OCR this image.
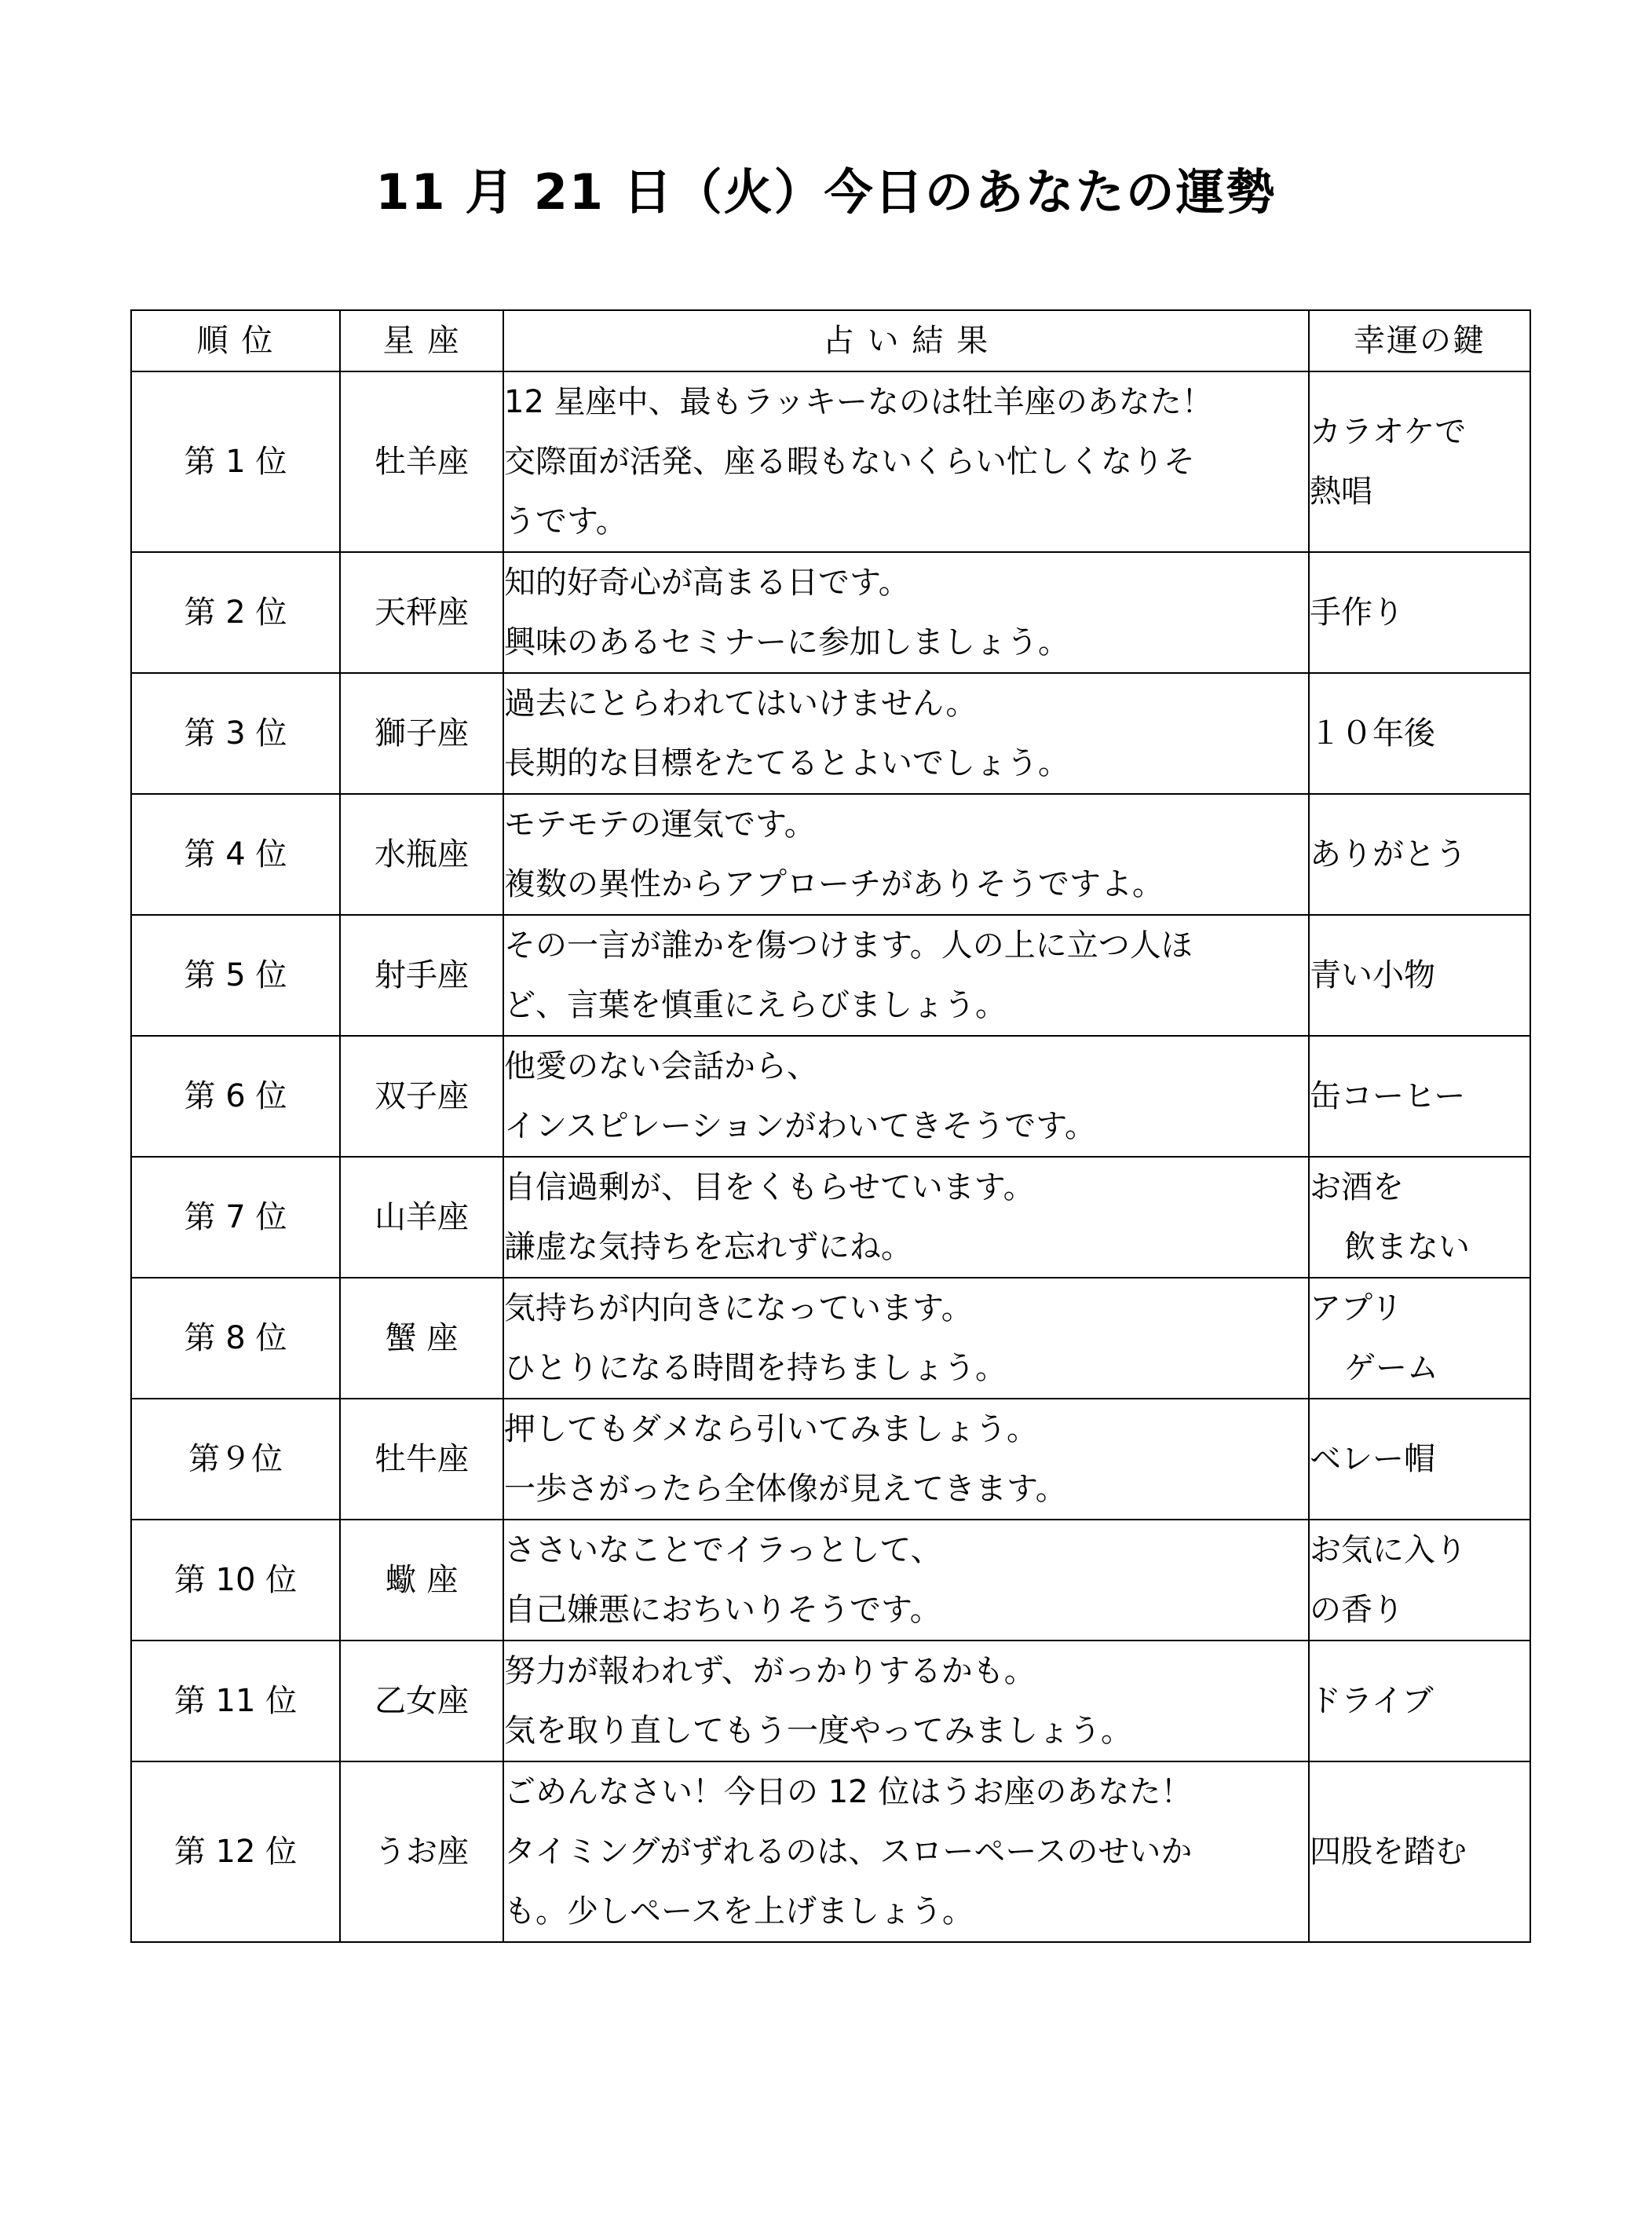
11 月 21 日（火）今日のあなたの運勢
順 位	星 座	占 い 結 果	幸運の鍵
第 1 位	牡羊座	12 星座中、最もラッキーなのは牡羊座のあなた！
交際面が活発、座る暇もないくらい忙しくなりそ
うです。	カラオケで
熱唱

第 2 位	天秤座	知的好奇心が高まる日です。
興味のあるセミナーに参加しましょう。	手作り

第 3 位	獅子座	過去にとらわれてはいけません。
長期的な目標をたてるとよいでしょう。	１０年後

第 4 位	水瓶座	モテモテの運気です。
複数の異性からアプローチがありそうですよ。	ありがとう

第 5 位	射手座	その一言が誰かを傷つけます。人の上に立つ人ほ
ど、言葉を慎重にえらびましょう。	青い小物

第 6 位	双子座	他愛のない会話から、
インスピレーションがわいてきそうです。	缶コーヒー

第 7 位	山羊座	自信過剰が、目をくもらせています。
謙虚な気持ちを忘れずにね。	お酒を
飲まない

第 8 位	蟹 座	気持ちが内向きになっています。
ひとりになる時間を持ちましょう。	アプリ
ゲーム

第９位	牡牛座	押してもダメなら引いてみましょう。
一歩さがったら全体像が見えてきます。	ベレー帽

第 10 位	蠍 座	ささいなことでイラっとして、
自己嫌悪におちいりそうです。	お気に入り
の香り

第 11 位	乙女座	努力が報われず、がっかりするかも。
気を取り直してもう一度やってみましょう。	ドライブ

第 12 位	うお座	ごめんなさい！今日の 12 位はうお座のあなた！
タイミングがずれるのは、スローペースのせいか
も。少しペースを上げましょう。	四股を踏む
